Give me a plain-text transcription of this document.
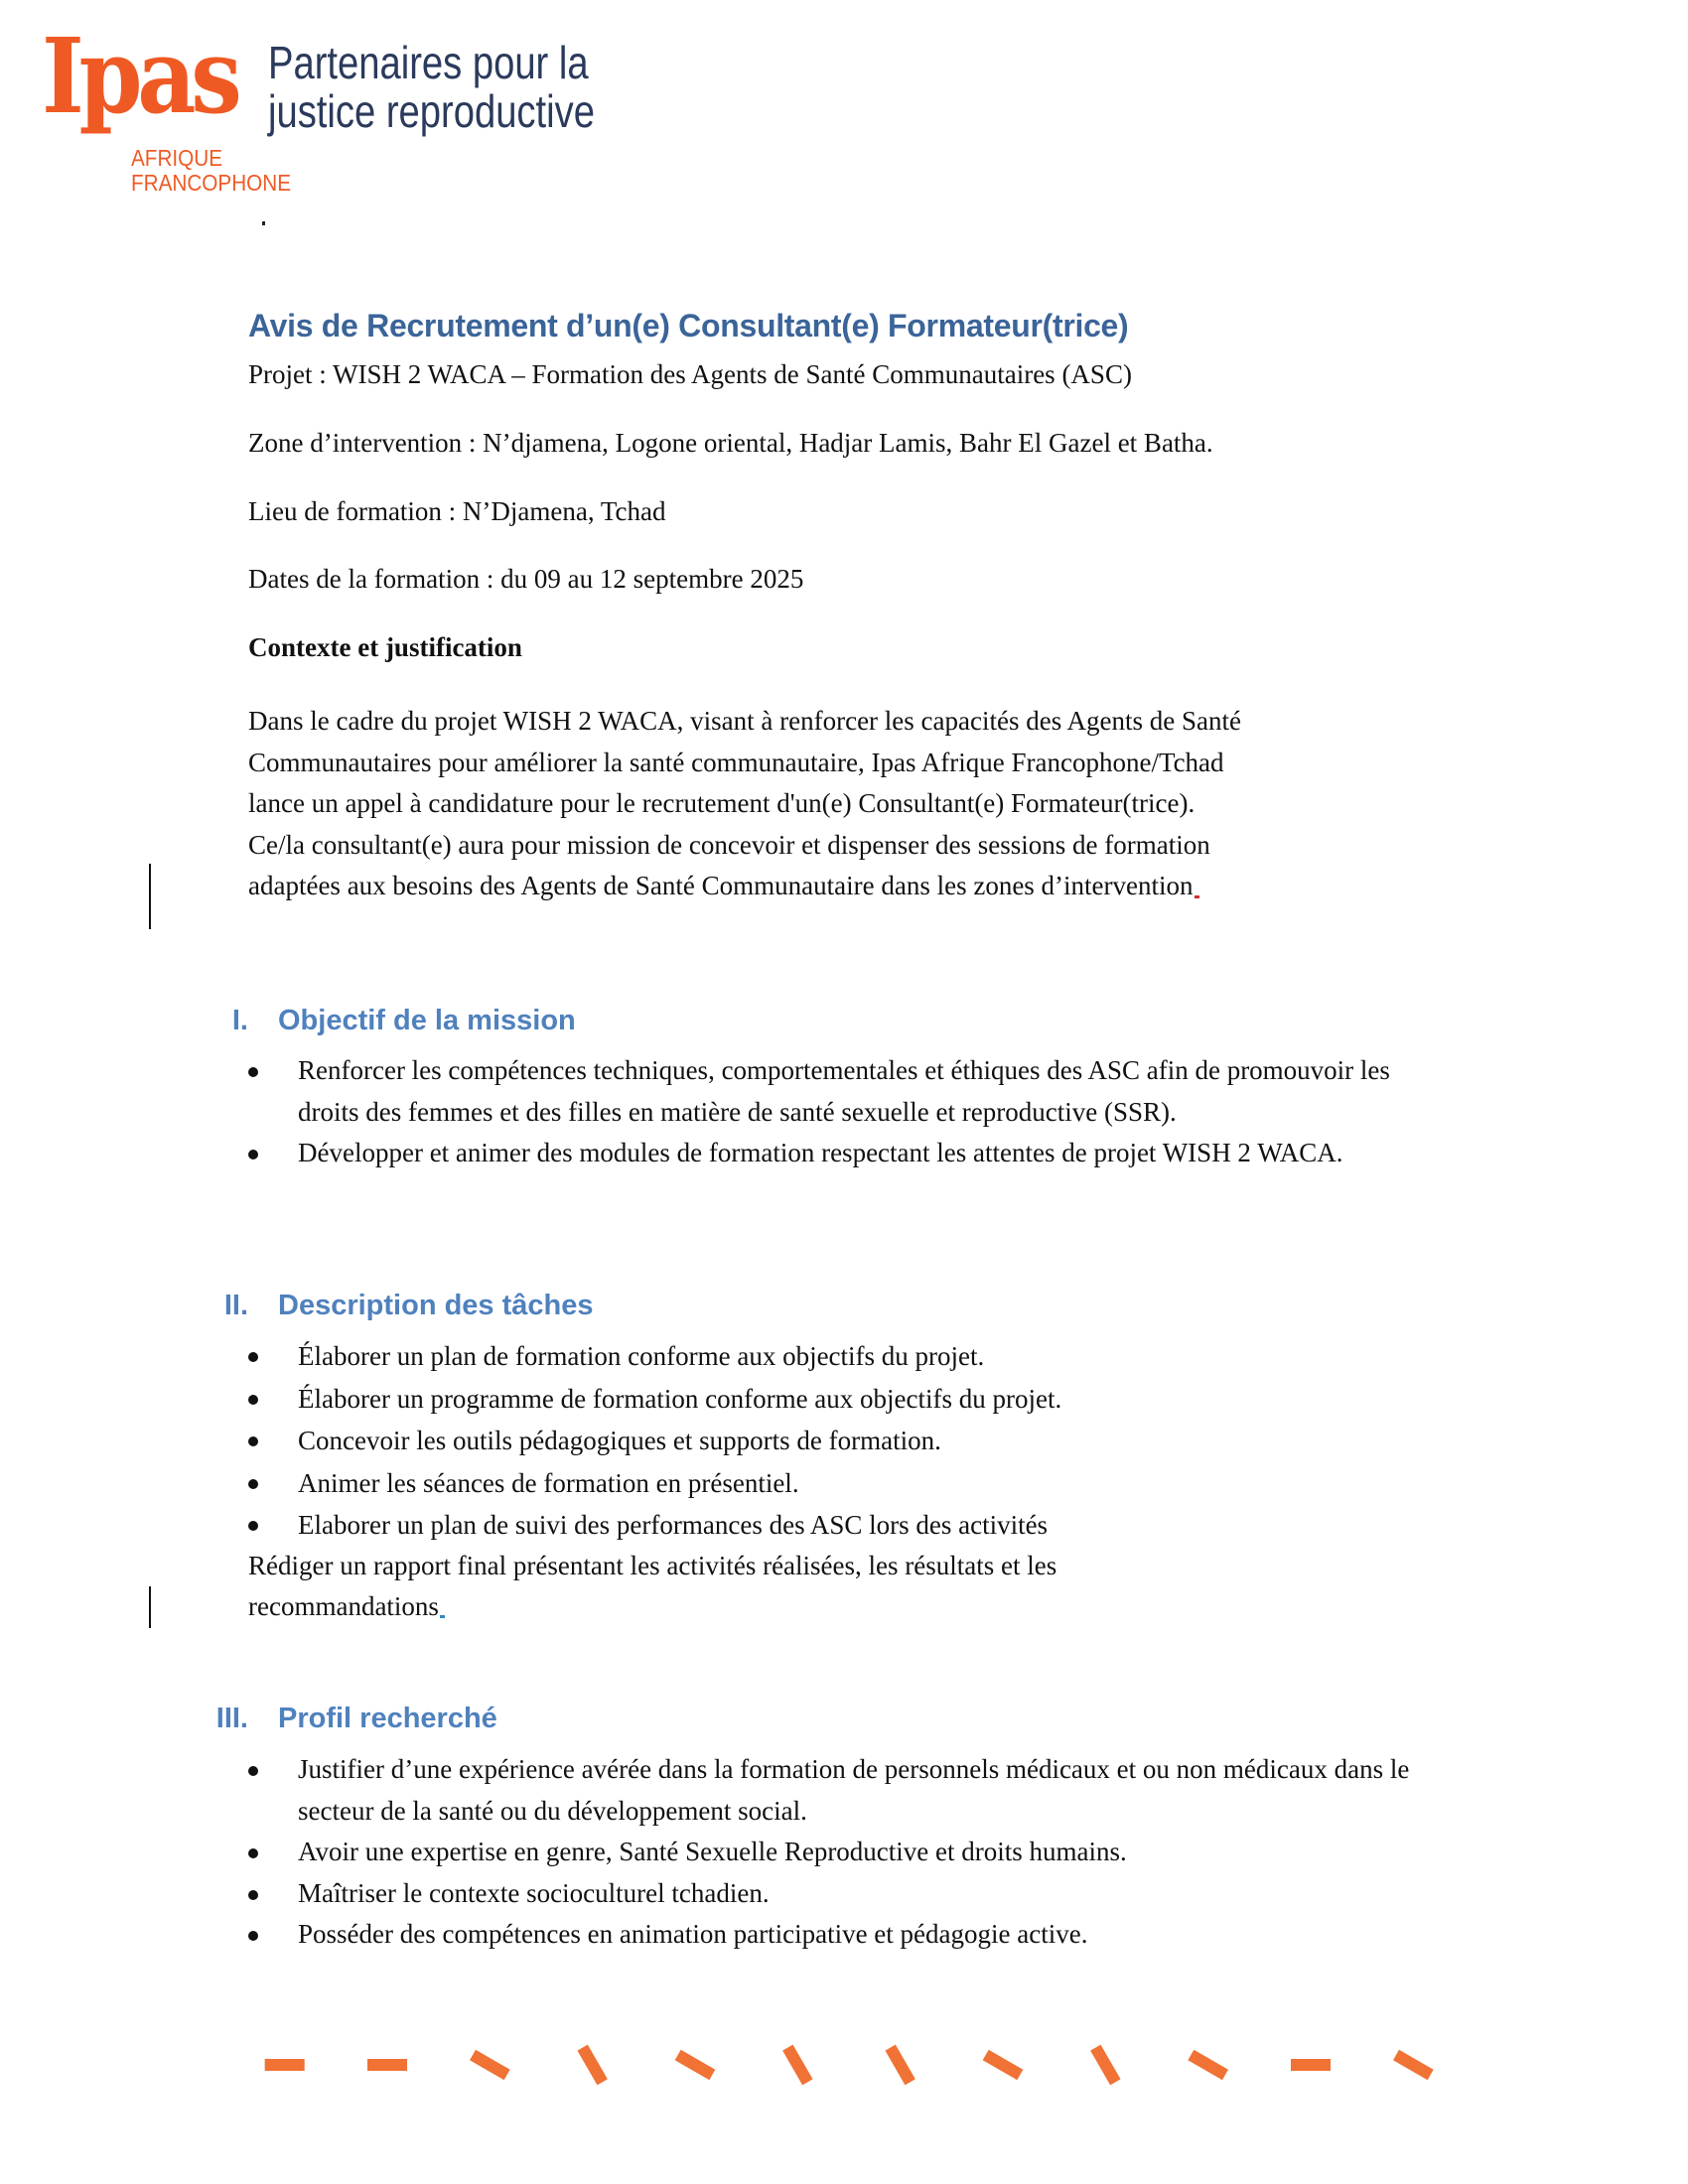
Ipas
AFRIQUE
FRANCOPHONE
Partenaires pour la
justice reproductive
Avis de Recrutement d’un(e) Consultant(e) Formateur(trice)
Projet : WISH 2 WACA – Formation des Agents de Santé Communautaires (ASC)
Zone d’intervention : N’djamena, Logone oriental, Hadjar Lamis, Bahr El Gazel et Batha.
Lieu de formation : N’Djamena, Tchad
Dates de la formation : du 09 au 12 septembre 2025
Contexte et justification
Dans le cadre du projet WISH 2 WACA, visant à renforcer les capacités des Agents de Santé
Communautaires pour améliorer la santé communautaire, Ipas Afrique Francophone/Tchad
lance un appel à candidature pour le recrutement d'un(e) Consultant(e) Formateur(trice).
Ce/la consultant(e) aura pour mission de concevoir et dispenser des sessions de formation
adaptées aux besoins des Agents de Santé Communautaire dans les zones d’intervention
I. Objectif de la mission
Renforcer les compétences techniques, comportementales et éthiques des ASC afin de promouvoir les droits des femmes et des filles en matière de santé sexuelle et reproductive (SSR).
Développer et animer des modules de formation respectant les attentes de projet WISH 2 WACA.
II. Description des tâches
Élaborer un plan de formation conforme aux objectifs du projet.
Élaborer un programme de formation conforme aux objectifs du projet.
Concevoir les outils pédagogiques et supports de formation.
Animer les séances de formation en présentiel.
Elaborer un plan de suivi des performances des ASC lors des activités
Rédiger un rapport final présentant les activités réalisées, les résultats et les
recommandations
III. Profil recherché
Justifier d’une expérience avérée dans la formation de personnels médicaux et ou non médicaux dans le secteur de la santé ou du développement social.
Avoir une expertise en genre, Santé Sexuelle Reproductive et droits humains.
Maîtriser le contexte socioculturel tchadien.
Posséder des compétences en animation participative et pédagogie active.
